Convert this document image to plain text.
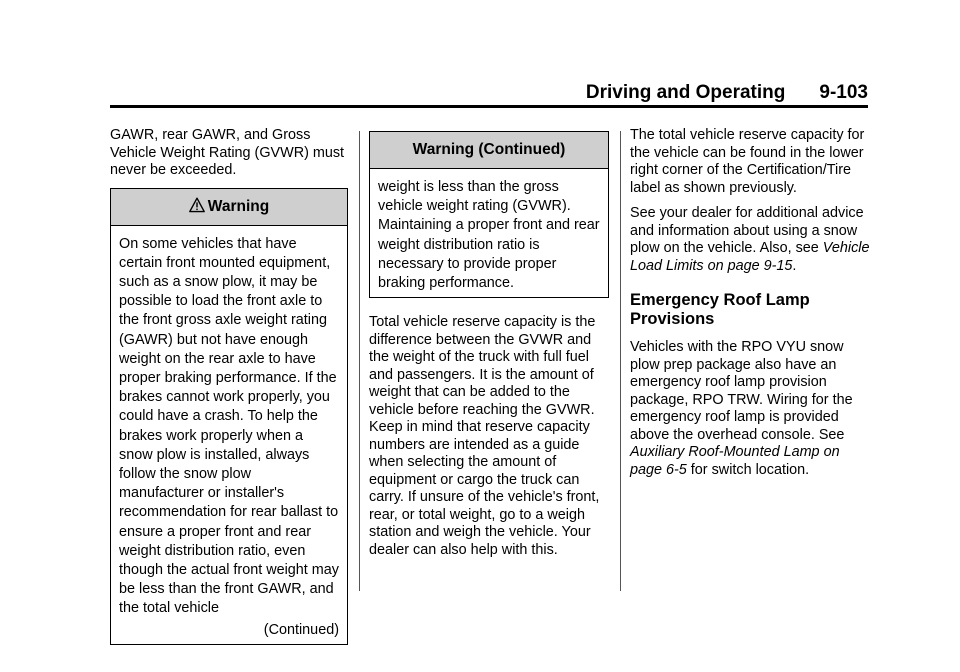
Driving and Operating 9-103

GAWR, rear GAWR, and Gross Vehicle Weight Rating (GVWR) must never be exceeded.

Warning
On some vehicles that have certain front mounted equipment, such as a snow plow, it may be possible to load the front axle to the front gross axle weight rating (GAWR) but not have enough weight on the rear axle to have proper braking performance. If the brakes cannot work properly, you could have a crash. To help the brakes work properly when a snow plow is installed, always follow the snow plow manufacturer or installer's recommendation for rear ballast to ensure a proper front and rear weight distribution ratio, even though the actual front weight may be less than the front GAWR, and the total vehicle
(Continued)
Warning (Continued)
weight is less than the gross vehicle weight rating (GVWR). Maintaining a proper front and rear weight distribution ratio is necessary to provide proper braking performance.

Total vehicle reserve capacity is the difference between the GVWR and the weight of the truck with full fuel and passengers. It is the amount of weight that can be added to the vehicle before reaching the GVWR. Keep in mind that reserve capacity numbers are intended as a guide when selecting the amount of equipment or cargo the truck can carry. If unsure of the vehicle's front, rear, or total weight, go to a weigh station and weigh the vehicle. Your dealer can also help with this.

The total vehicle reserve capacity for the vehicle can be found in the lower right corner of the Certification/Tire label as shown previously.

See your dealer for additional advice and information about using a snow plow on the vehicle. Also, see Vehicle Load Limits on page 9-15.

Emergency Roof Lamp Provisions

Vehicles with the RPO VYU snow plow prep package also have an emergency roof lamp provision package, RPO TRW. Wiring for the emergency roof lamp is provided above the overhead console. See Auxiliary Roof-Mounted Lamp on page 6-5 for switch location.
